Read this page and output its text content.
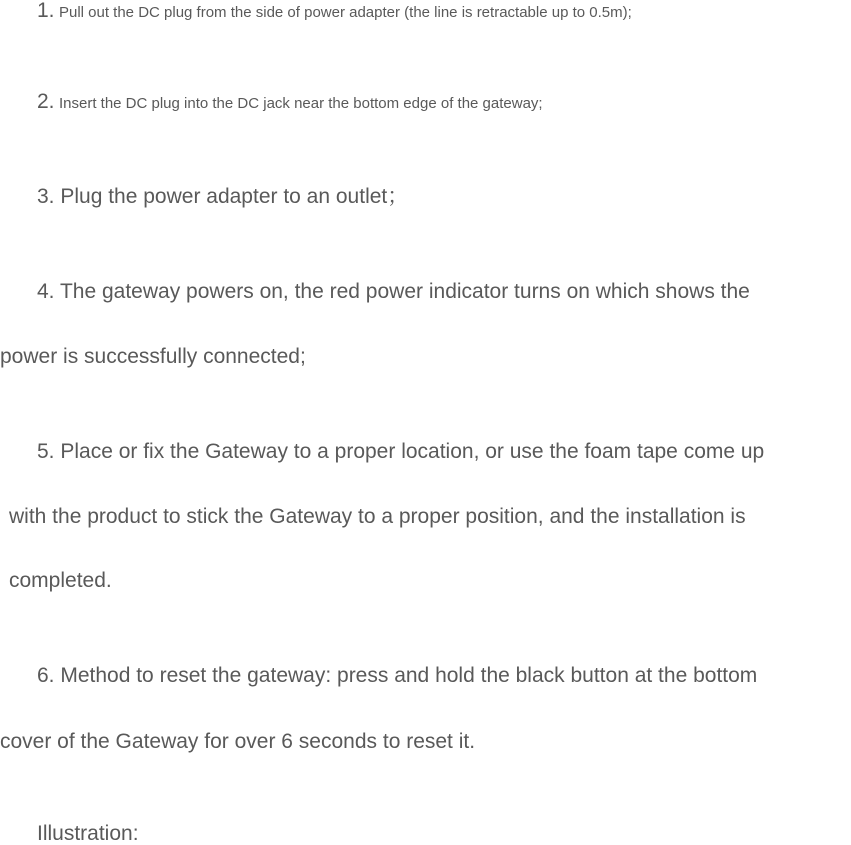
1. Pull out the DC plug from the side of power adapter (the line is retractable up to 0.5m);

2. Insert the DC plug into the DC jack near the bottom edge of the gateway;

3. Plug the power adapter to an outlet；

4. The gateway powers on, the red power indicator turns on which shows the

power is successfully connected;

5. Place or fix the Gateway to a proper location, or use the foam tape come up

with the product to stick the Gateway to a proper position, and the installation is

completed.

6. Method to reset the gateway: press and hold the black button at the bottom

cover of the Gateway for over 6 seconds to reset it.

Illustration:
